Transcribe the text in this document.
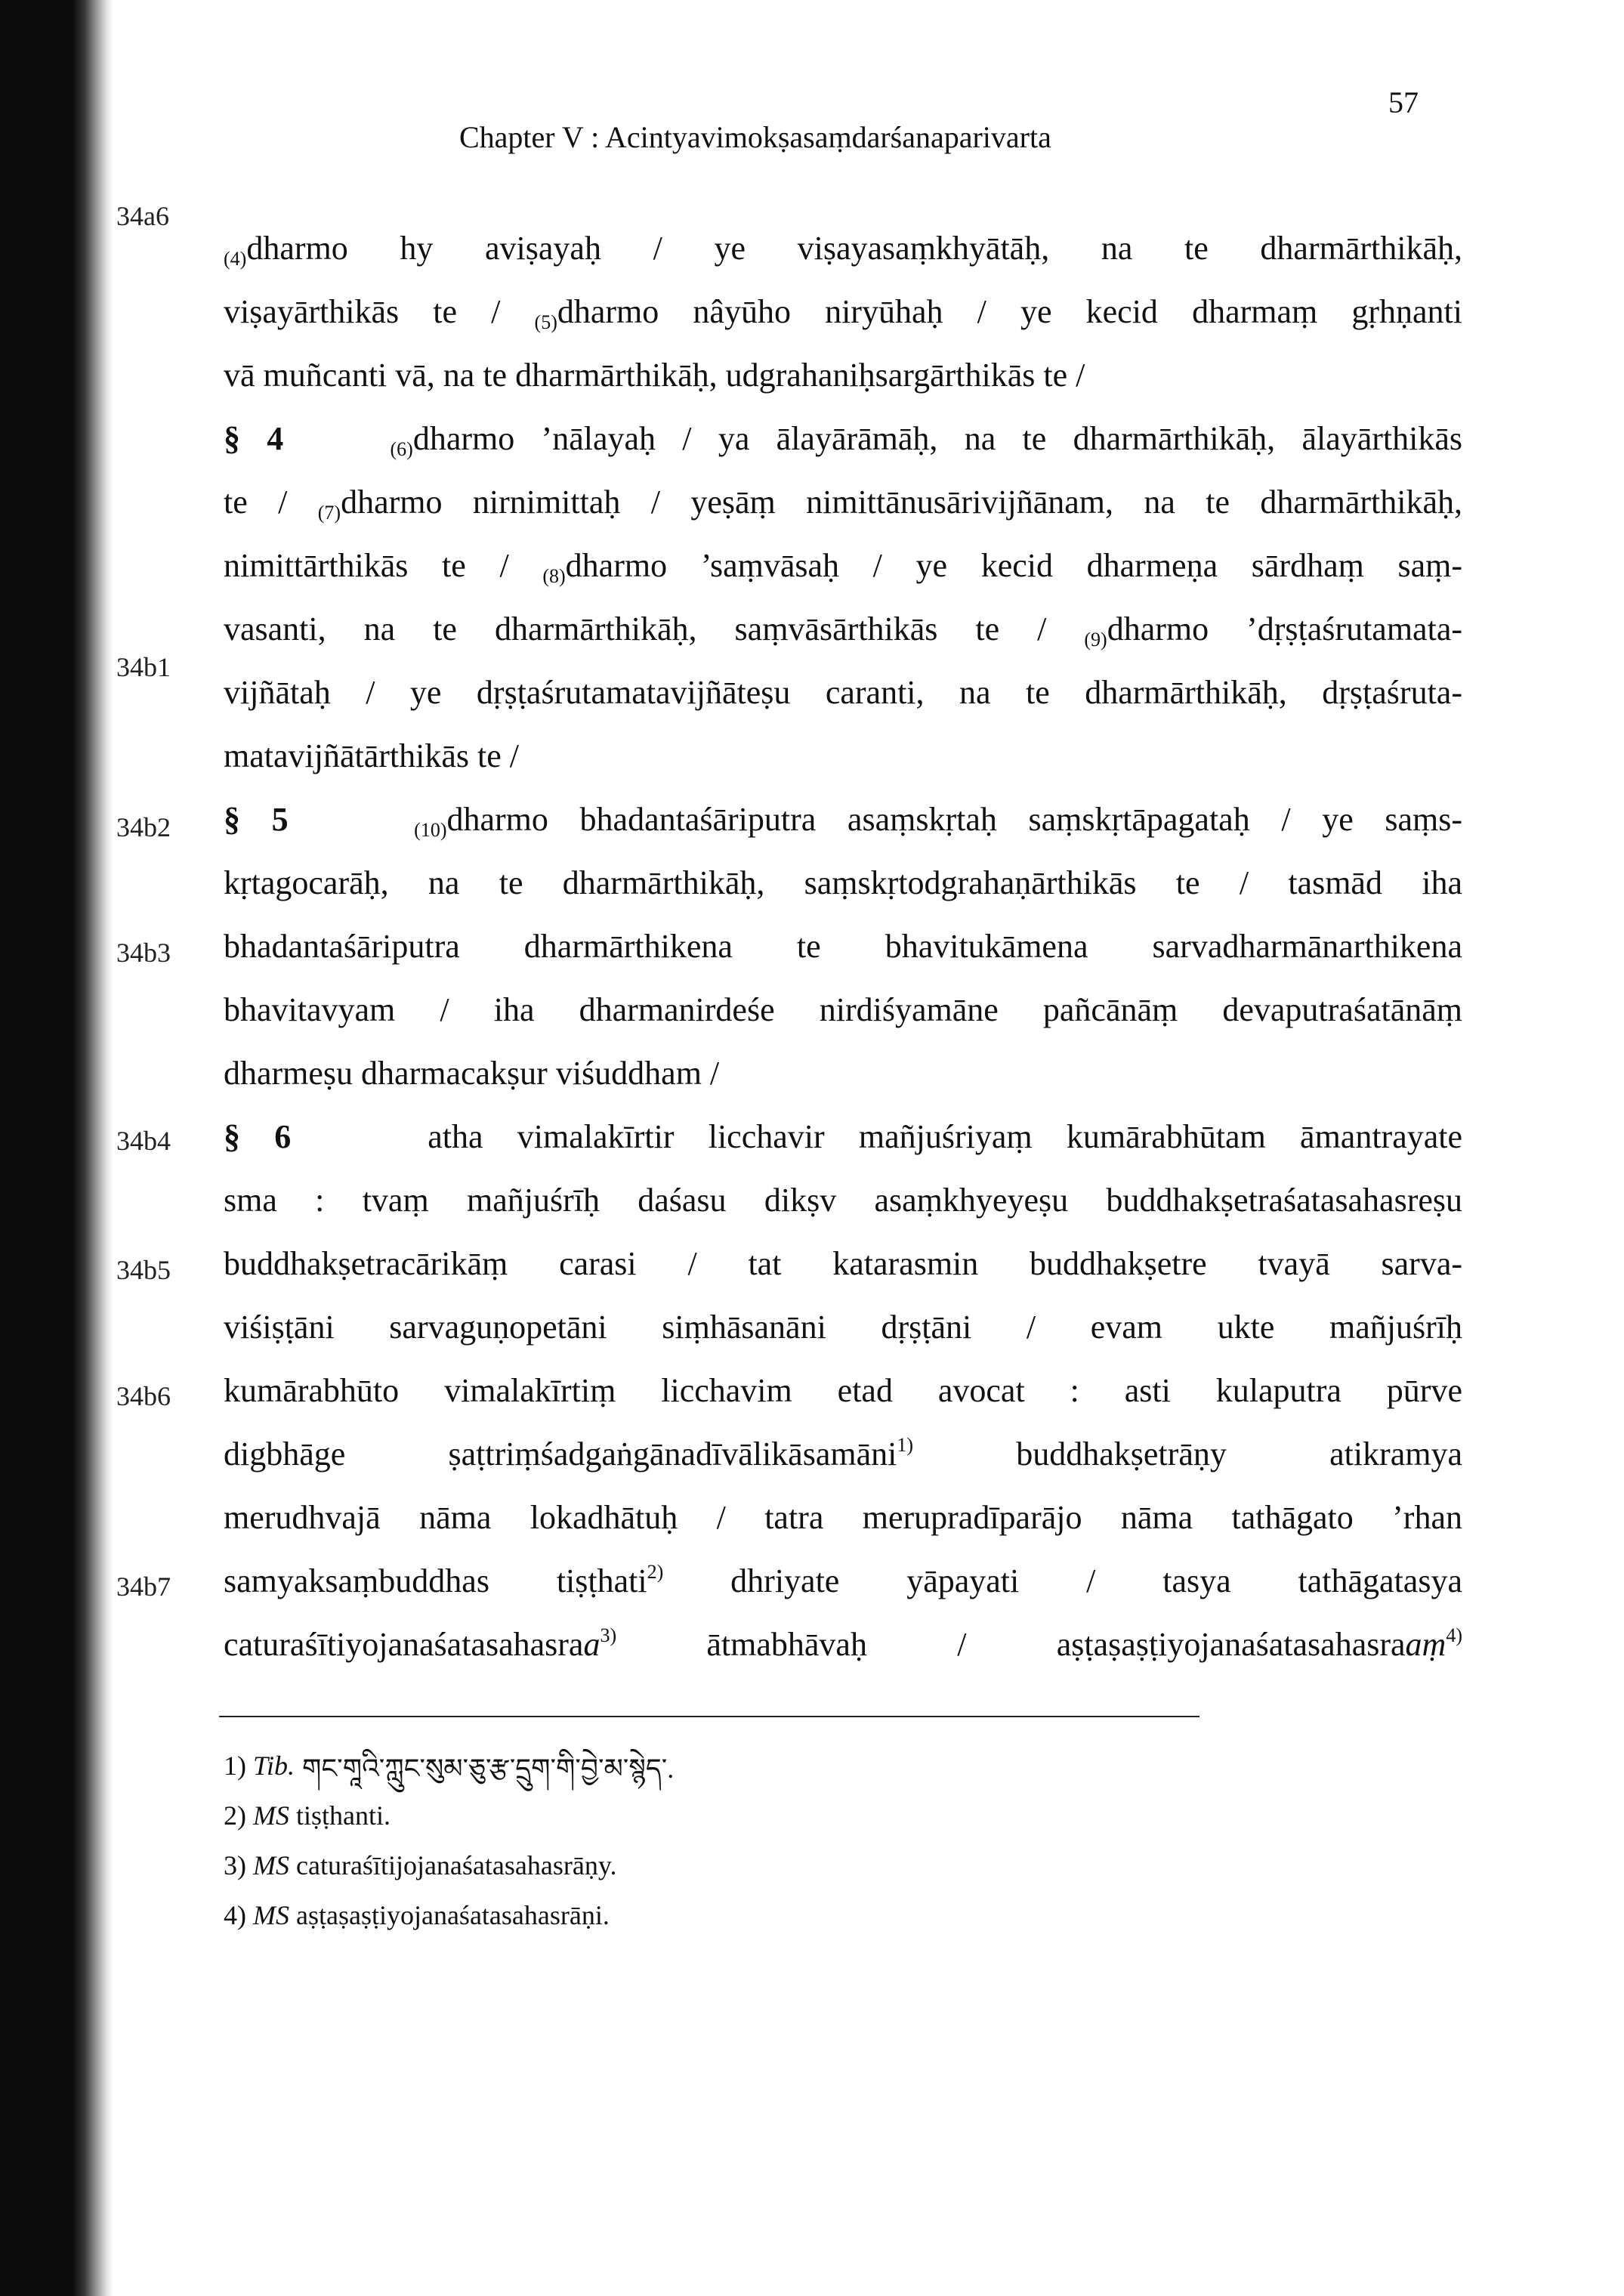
34a6
34b1
34b2
34b3
34b4
34b5
34b6
34b7
57
Chapter V : Acintyavimokṣasaṃdarśanaparivarta
$_{(4)}$dharmo hy aviṣayaḥ / ye viṣayasaṃkhyātāḥ, na te dharmārthikāḥ,
viṣayārthikās te / $_{(5)}$dharmo nâyūho niryūhaḥ / ye kecid dharmaṃ gṛhṇanti
vā muñcanti vā, na te dharmārthikāḥ, udgrahaniḥsargārthikās te /
§ 4	$_{(6)}$dharmo ’nālayaḥ / ya ālayārāmāḥ, na te dharmārthikāḥ, ālayārthikās
te / $_{(7)}$dharmo nirnimittaḥ / yeṣāṃ nimittānusārivijñānam, na te dharmārthikāḥ,
nimittārthikās te / $_{(8)}$dharmo ’saṃvāsaḥ / ye kecid dharmeṇa sārdhaṃ saṃ-
vasanti, na te dharmārthikāḥ, saṃvāsārthikās te / $_{(9)}$dharmo ’dṛṣṭaśrutamata-
vijñātaḥ / ye dṛṣṭaśrutamatavijñāteṣu caranti, na te dharmārthikāḥ, dṛṣṭaśruta-
matavijñātārthikās te /
§ 5	$_{(10)}$dharmo bhadantaśāriputra asaṃskṛtaḥ saṃskṛtāpagataḥ / ye saṃs-
kṛtagocarāḥ, na te dharmārthikāḥ, saṃskṛtodgrahaṇārthikās te / tasmād iha
bhadantaśāriputra dharmārthikena te bhavitukāmena sarvadharmānarthikena
bhavitavyam / iha dharmanirdeśe nirdiśyamāne pañcānāṃ devaputraśatānāṃ
dharmeṣu dharmacakṣur viśuddham /
§ 6	atha vimalakīrtir licchavir mañjuśriyaṃ kumārabhūtam āmantrayate
sma : tvaṃ mañjuśrīḥ daśasu dikṣv asaṃkhyeyeṣu buddhakṣetraśatasahasreṣu
buddhakṣetracārikāṃ carasi / tat katarasmin buddhakṣetre tvayā sarva-
viśiṣṭāni sarvaguṇopetāni siṃhāsanāni dṛṣṭāni / evam ukte mañjuśrīḥ
kumārabhūto vimalakīrtiṃ licchavim etad avocat : asti kulaputra pūrve
digbhāge ṣaṭtriṃśadgaṅgānadīvālikāsamāni$^{1)}$ buddhakṣetrāṇy atikramya
merudhvajā nāma lokadhātuḥ / tatra merupradīparājo nāma tathāgato ’rhan
samyaksaṃbuddhas tiṣṭhati$^{2)}$ dhriyate yāpayati / tasya tathāgatasya
caturaśītiyojanaśatasahasraa$^{3)}$ ātmabhāvaḥ / aṣṭaṣaṣṭiyojanaśatasahasraaṃ$^{4)}$
1) Tib. གང་གཱའི་ཀླུང་སུམ་ཅུ་རྩ་དྲུག་གི་བྱེ་མ་སྙེད་.
2) MS tiṣṭhanti.
3) MS caturaśītijojanaśatasahasrāṇy.
4) MS aṣṭaṣaṣṭiyojanaśatasahasrāṇi.
